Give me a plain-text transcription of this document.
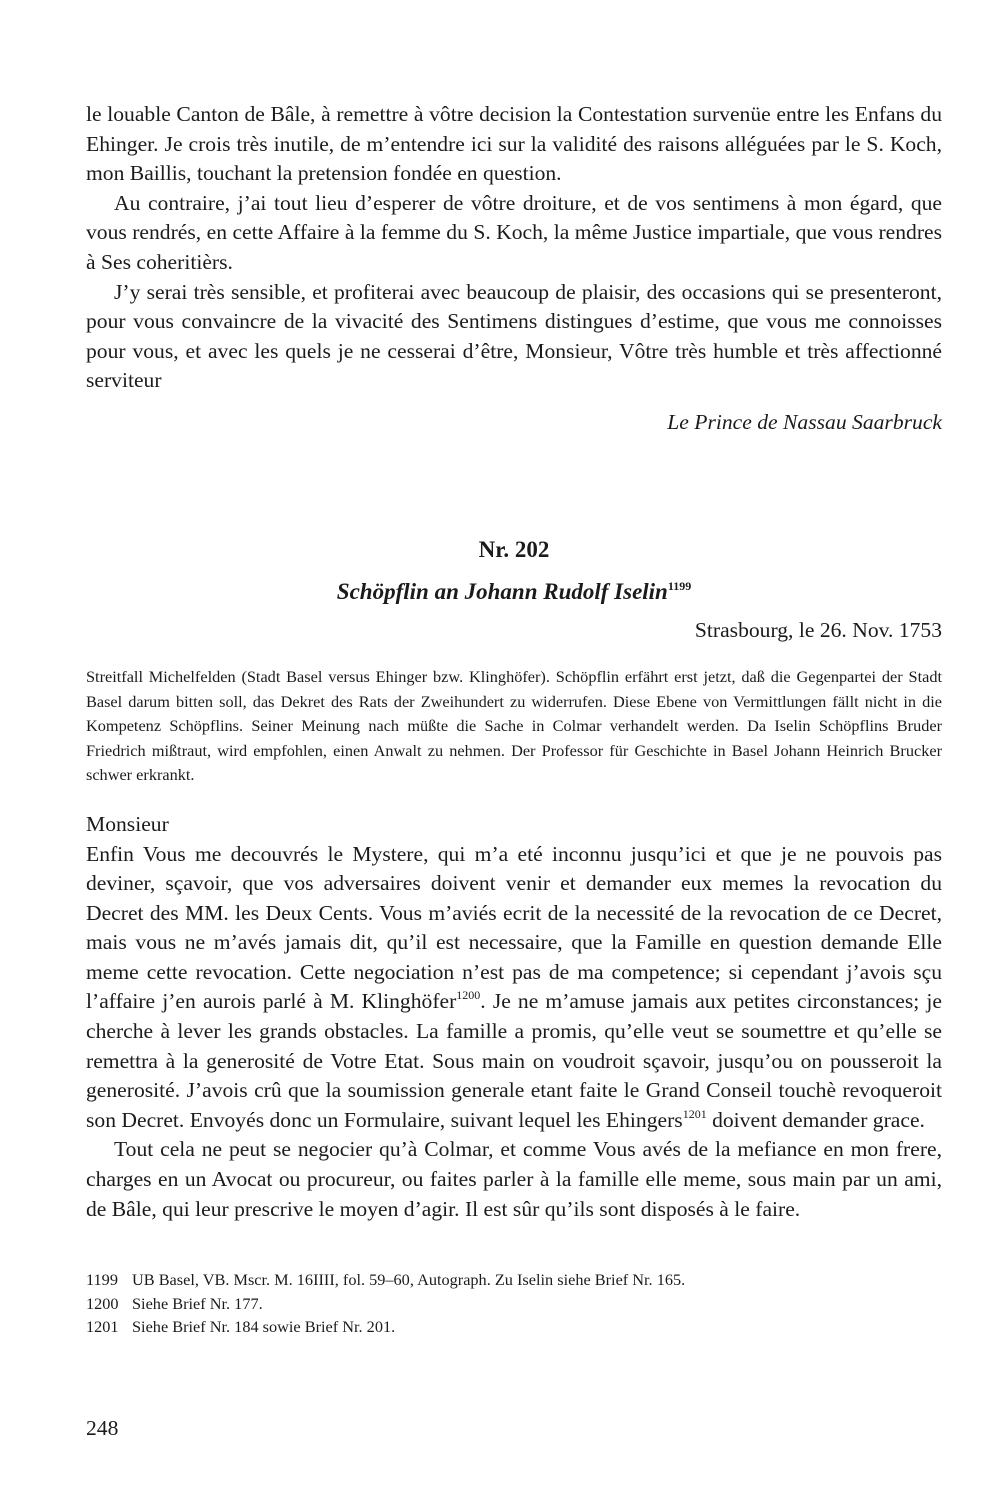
le louable Canton de Bâle, à remettre à vôtre decision la Contestation survenüe entre les Enfans du Ehinger. Je crois très inutile, de m’entendre ici sur la validité des raisons alléguées par le S. Koch, mon Baillis, touchant la pretension fondée en question.

Au contraire, j’ai tout lieu d’esperer de vôtre droiture, et de vos sentimens à mon égard, que vous rendrés, en cette Affaire à la femme du S. Koch, la même Justice impartiale, que vous rendres à Ses coheritièrs.

J’y serai très sensible, et profiterai avec beaucoup de plaisir, des occasions qui se presenteront, pour vous convaincre de la vivacité des Sentimens distingues d’estime, que vous me connoisses pour vous, et avec les quels je ne cesserai d’être, Monsieur, Vôtre très humble et très affectionné serviteur

Le Prince de Nassau Saarbruck

Nr. 202
Schöpflin an Johann Rudolf Iselin$^{1199}$

Strasbourg, le 26. Nov. 1753

Streitfall Michelfelden (Stadt Basel versus Ehinger bzw. Klinghöfer). Schöpflin erfährt erst jetzt, daß die Gegenpartei der Stadt Basel darum bitten soll, das Dekret des Rats der Zweihundert zu widerrufen. Diese Ebene von Vermittlungen fällt nicht in die Kompetenz Schöpflins. Seiner Meinung nach müßte die Sache in Colmar verhandelt werden. Da Iselin Schöpflins Bruder Friedrich mißtraut, wird empfohlen, einen Anwalt zu nehmen. Der Professor für Geschichte in Basel Johann Heinrich Brucker schwer erkrankt.

Monsieur

Enfin Vous me decouvrés le Mystere, qui m’a eté inconnu jusqu’ici et que je ne pouvois pas deviner, sçavoir, que vos adversaires doivent venir et demander eux memes la revocation du Decret des MM. les Deux Cents. Vous m’aviés ecrit de la necessité de la revocation de ce Decret, mais vous ne m’avés jamais dit, qu’il est necessaire, que la Famille en question demande Elle meme cette revocation. Cette negociation n’est pas de ma competence; si cependant j’avois sçu l’affaire j’en aurois parlé à M. Klinghöfer$^{1200}$. Je ne m’amuse jamais aux petites circonstances; je cherche à lever les grands obstacles. La famille a promis, qu’elle veut se soumettre et qu’elle se remettra à la generosité de Votre Etat. Sous main on voudroit sçavoir, jusqu’ou on pousseroit la generosité. J’avois crû que la soumission generale etant faite le Grand Conseil touchè revoqueroit son Decret. Envoyés donc un Formulaire, suivant lequel les Ehingers$^{1201}$ doivent demander grace.

Tout cela ne peut se negocier qu’à Colmar, et comme Vous avés de la mefiance en mon frere, charges en un Avocat ou procureur, ou faites parler à la famille elle meme, sous main par un ami, de Bâle, qui leur prescrive le moyen d’agir. Il est sûr qu’ils sont disposés à le faire.

1199 UB Basel, VB. Mscr. M. 16IIII, fol. 59–60, Autograph. Zu Iselin siehe Brief Nr. 165.
1200 Siehe Brief Nr. 177.
1201 Siehe Brief Nr. 184 sowie Brief Nr. 201.
248
